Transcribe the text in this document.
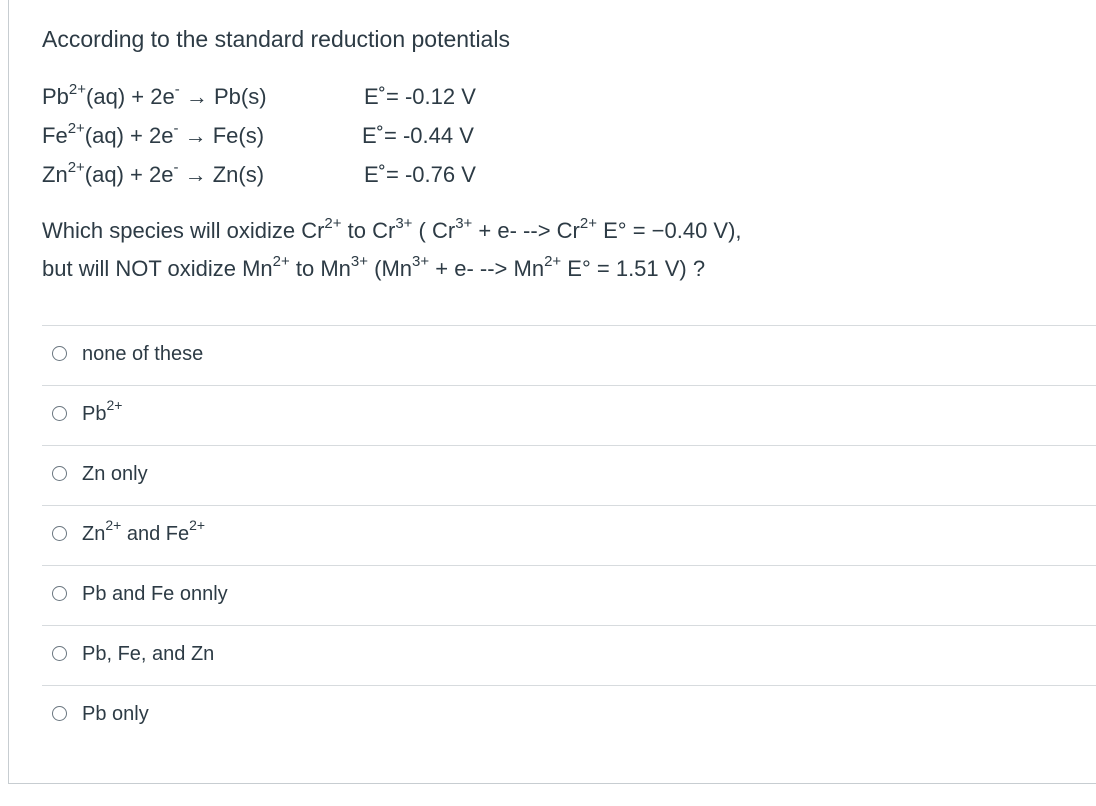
According to the standard reduction potentials
$Pb^{2+}(aq) + 2e^- \to Pb(s)$	E˚= -0.12 V
$Fe^{2+}(aq) + 2e^- \to Fe(s)$	E˚= -0.44 V
$Zn^{2+}(aq) + 2e^- \to Zn(s)$	E˚= -0.76 V
Which species will oxidize $Cr^{2+}$ to $Cr^{3+}$ ( $Cr^{3+} + e-$ --> $Cr^{2+}$ E° = −0.40 V),
but will NOT oxidize $Mn^{2+}$ to $Mn^{3+}$ ($Mn^{3+} + e-$ --> $Mn^{2+}$ E° = 1.51 V) ?
none of these
$Pb^{2+}$
Zn only
$Zn^{2+}$ and $Fe^{2+}$
Pb and Fe onnly
Pb, Fe, and Zn
Pb only
